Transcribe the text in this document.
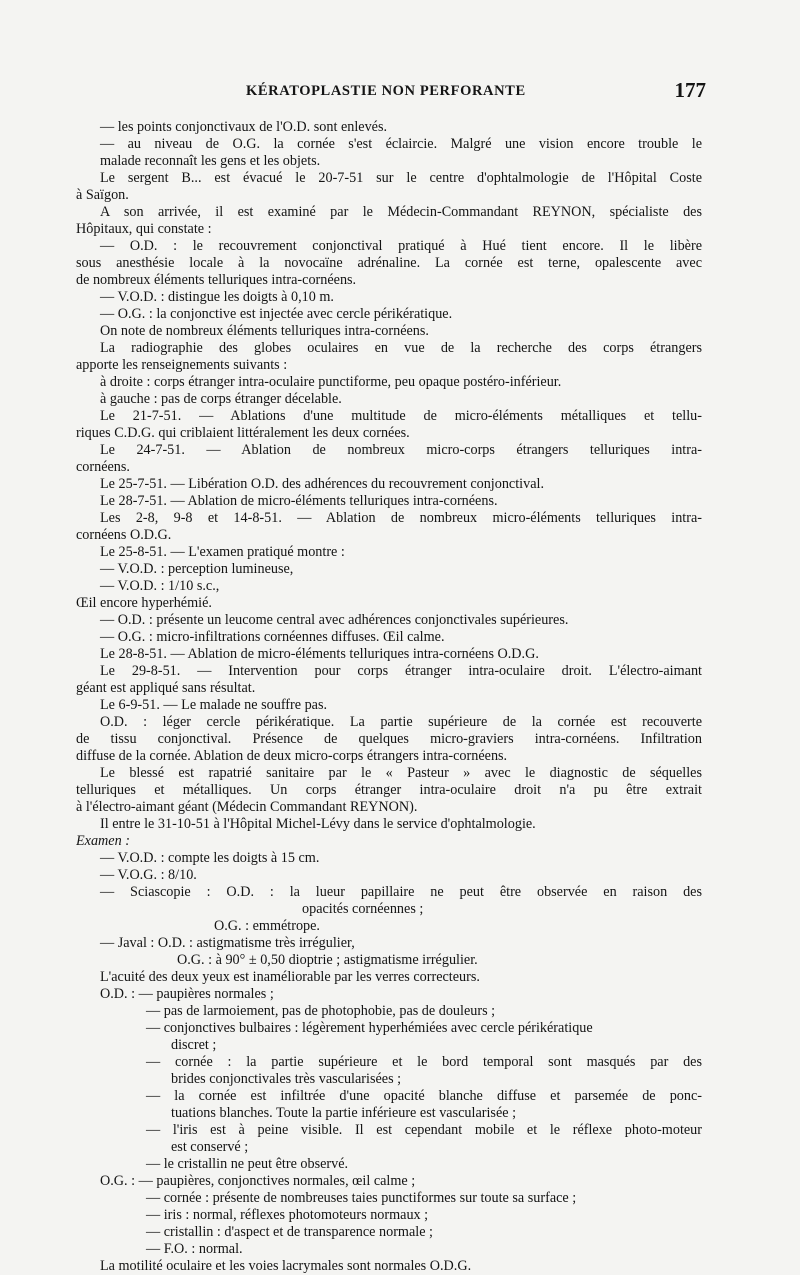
KÉRATOPLASTIE NON PERFORANTE	177
— les points conjonctivaux de l'O.D. sont enlevés.
— au niveau de O.G. la cornée s'est éclaircie. Malgré une vision encore trouble le
malade reconnaît les gens et les objets.
Le sergent B... est évacué le 20-7-51 sur le centre d'ophtalmologie de l'Hôpital Coste
à Saïgon.
A son arrivée, il est examiné par le Médecin-Commandant REYNON, spécialiste des
Hôpitaux, qui constate :
— O.D. : le recouvrement conjonctival pratiqué à Hué tient encore. Il le libère
sous anesthésie locale à la novocaïne adrénaline. La cornée est terne, opalescente avec
de nombreux éléments telluriques intra-cornéens.
— V.O.D. : distingue les doigts à 0,10 m.
— O.G. : la conjonctive est injectée avec cercle périkératique.
On note de nombreux éléments telluriques intra-cornéens.
La radiographie des globes oculaires en vue de la recherche des corps étrangers
apporte les renseignements suivants :
à droite : corps étranger intra-oculaire punctiforme, peu opaque postéro-inférieur.
à gauche : pas de corps étranger décelable.
Le 21-7-51. — Ablations d'une multitude de micro-éléments métalliques et tellu-
riques C.D.G. qui criblaient littéralement les deux cornées.
Le 24-7-51. — Ablation de nombreux micro-corps étrangers telluriques intra-
cornéens.
Le 25-7-51. — Libération O.D. des adhérences du recouvrement conjonctival.
Le 28-7-51. — Ablation de micro-éléments telluriques intra-cornéens.
Les 2-8, 9-8 et 14-8-51. — Ablation de nombreux micro-éléments telluriques intra-
cornéens O.D.G.
Le 25-8-51. — L'examen pratiqué montre :
— V.O.D. : perception lumineuse,
— V.O.D. : 1/10 s.c.,
Œil encore hyperhémié.
— O.D. : présente un leucome central avec adhérences conjonctivales supérieures.
— O.G. : micro-infiltrations cornéennes diffuses. Œil calme.
Le 28-8-51. — Ablation de micro-éléments telluriques intra-cornéens O.D.G.
Le 29-8-51. — Intervention pour corps étranger intra-oculaire droit. L'électro-aimant
géant est appliqué sans résultat.
Le 6-9-51. — Le malade ne souffre pas.
O.D. : léger cercle périkératique. La partie supérieure de la cornée est recouverte
de tissu conjonctival. Présence de quelques micro-graviers intra-cornéens. Infiltration
diffuse de la cornée. Ablation de deux micro-corps étrangers intra-cornéens.
Le blessé est rapatrié sanitaire par le « Pasteur » avec le diagnostic de séquelles
telluriques et métalliques. Un corps étranger intra-oculaire droit n'a pu être extrait
à l'électro-aimant géant (Médecin Commandant REYNON).
Il entre le 31-10-51 à l'Hôpital Michel-Lévy dans le service d'ophtalmologie.
Examen :
— V.O.D. : compte les doigts à 15 cm.
— V.O.G. : 8/10.
— Sciascopie : O.D. : la lueur papillaire ne peut être observée en raison des
opacités cornéennes ;
O.G. : emmétrope.
— Javal : O.D. : astigmatisme très irrégulier,
O.G. : à 90° ± 0,50 dioptrie ; astigmatisme irrégulier.
L'acuité des deux yeux est inaméliorable par les verres correcteurs.
O.D. : — paupières normales ;
— pas de larmoiement, pas de photophobie, pas de douleurs ;
— conjonctives bulbaires : légèrement hyperhémiées avec cercle périkératique
discret ;
— cornée : la partie supérieure et le bord temporal sont masqués par des
brides conjonctivales très vascularisées ;
— la cornée est infiltrée d'une opacité blanche diffuse et parsemée de ponc-
tuations blanches. Toute la partie inférieure est vascularisée ;
— l'iris est à peine visible. Il est cependant mobile et le réflexe photo-moteur
est conservé ;
— le cristallin ne peut être observé.
O.G. : — paupières, conjonctives normales, œil calme ;
— cornée : présente de nombreuses taies punctiformes sur toute sa surface ;
— iris : normal, réflexes photomoteurs normaux ;
— cristallin : d'aspect et de transparence normale ;
— F.O. : normal.
La motilité oculaire et les voies lacrymales sont normales O.D.G.
